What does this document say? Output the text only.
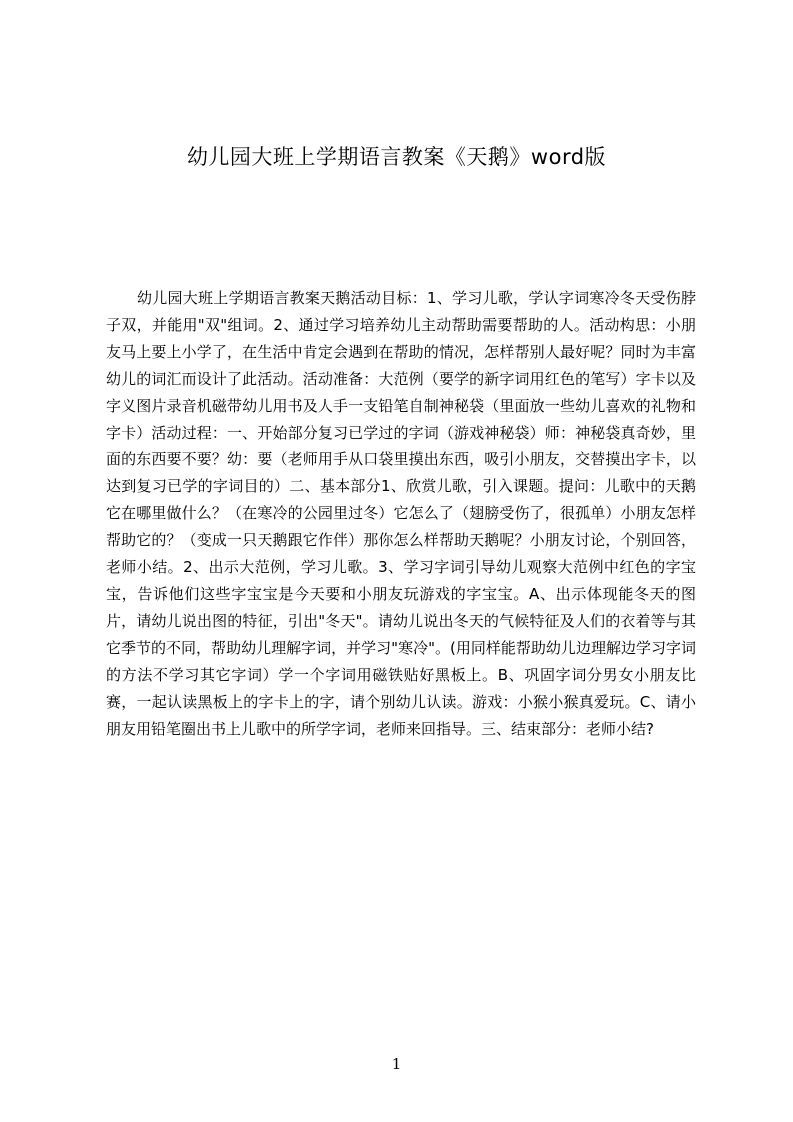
幼儿园大班上学期语言教案《天鹅》word版

幼儿园大班上学期语言教案天鹅活动目标：1、学习儿歌，学认字词寒冷冬天受伤脖子双，并能用"双"组词。2、通过学习培养幼儿主动帮助需要帮助的人。活动构思：小朋友马上要上小学了，在生活中肯定会遇到在帮助的情况，怎样帮别人最好呢？同时为丰富幼儿的词汇而设计了此活动。活动准备：大范例（要学的新字词用红色的笔写）字卡以及字义图片录音机磁带幼儿用书及人手一支铅笔自制神秘袋（里面放一些幼儿喜欢的礼物和字卡）活动过程：一、开始部分复习已学过的字词（游戏神秘袋）师：神秘袋真奇妙，里面的东西要不要？幼：要（老师用手从口袋里摸出东西，吸引小朋友，交替摸出字卡，以达到复习已学的字词目的）二、基本部分1、欣赏儿歌，引入课题。提问：儿歌中的天鹅它在哪里做什么？（在寒冷的公园里过冬）它怎么了（翅膀受伤了，很孤单）小朋友怎样帮助它的？（变成一只天鹅跟它作伴）那你怎么样帮助天鹅呢？小朋友讨论，个别回答，老师小结。2、出示大范例，学习儿歌。3、学习字词引导幼儿观察大范例中红色的字宝宝，告诉他们这些字宝宝是今天要和小朋友玩游戏的字宝宝。A、出示体现能冬天的图片，请幼儿说出图的特征，引出"冬天"。请幼儿说出冬天的气候特征及人们的衣着等与其它季节的不同，帮助幼儿理解字词，并学习"寒冷"。(用同样能帮助幼儿边理解边学习字词的方法不学习其它字词）学一个字词用磁铁贴好黑板上。B、巩固字词分男女小朋友比赛，一起认读黑板上的字卡上的字，请个别幼儿认读。游戏：小猴小猴真爱玩。C、请小朋友用铅笔圈出书上儿歌中的所学字词，老师来回指导。三、结束部分：老师小结?

1
